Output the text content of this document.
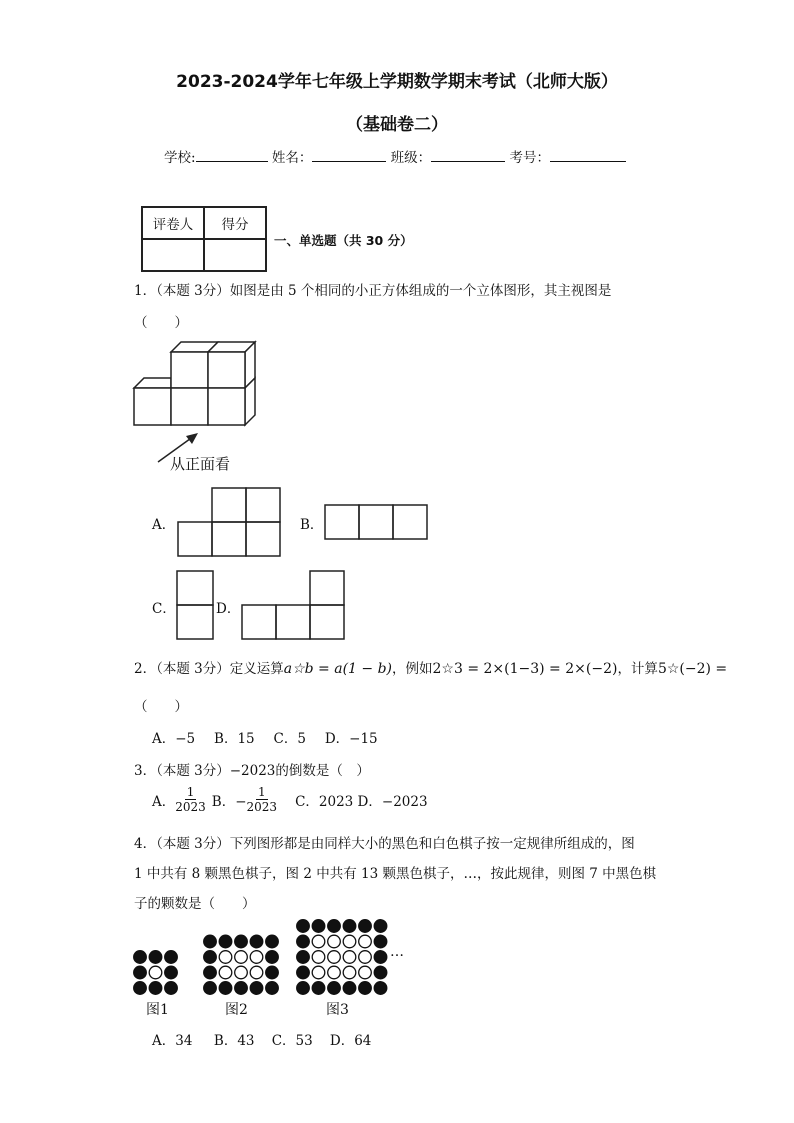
2023-2024学年七年级上学期数学期末考试（北师大版）
（基础卷二）
学校:	姓名：	班级：	考号：
评卷人	得分

一、单选题（共 30 分）
1．（本题 3分）如图是由 5 个相同的小正方体组成的一个立体图形，其主视图是
（　　）
从正面看
A．	B．
C．	D．
2．（本题 3分）定义运算a☆b = a(1 − b)，例如2☆3 = 2×(1−3) = 2×(−2)，计算5☆(−2) =
（　　）
A．−5 B．15 C．5 D．−15
3．（本题 3分）−2023的倒数是（　）
A． $\frac{1}{2023}$ B．− $\frac{1}{2023}$ C．2023 D．−2023
4．（本题 3分）下列图形都是由同样大小的黑色和白色棋子按一定规律所组成的，图
1 中共有 8 颗黑色棋子，图 2 中共有 13 颗黑色棋子，…，按此规律，则图 7 中黑色棋
子的颗数是（　　）
图1	图2	图3
…
A．34 B．43 C．53 D．64
